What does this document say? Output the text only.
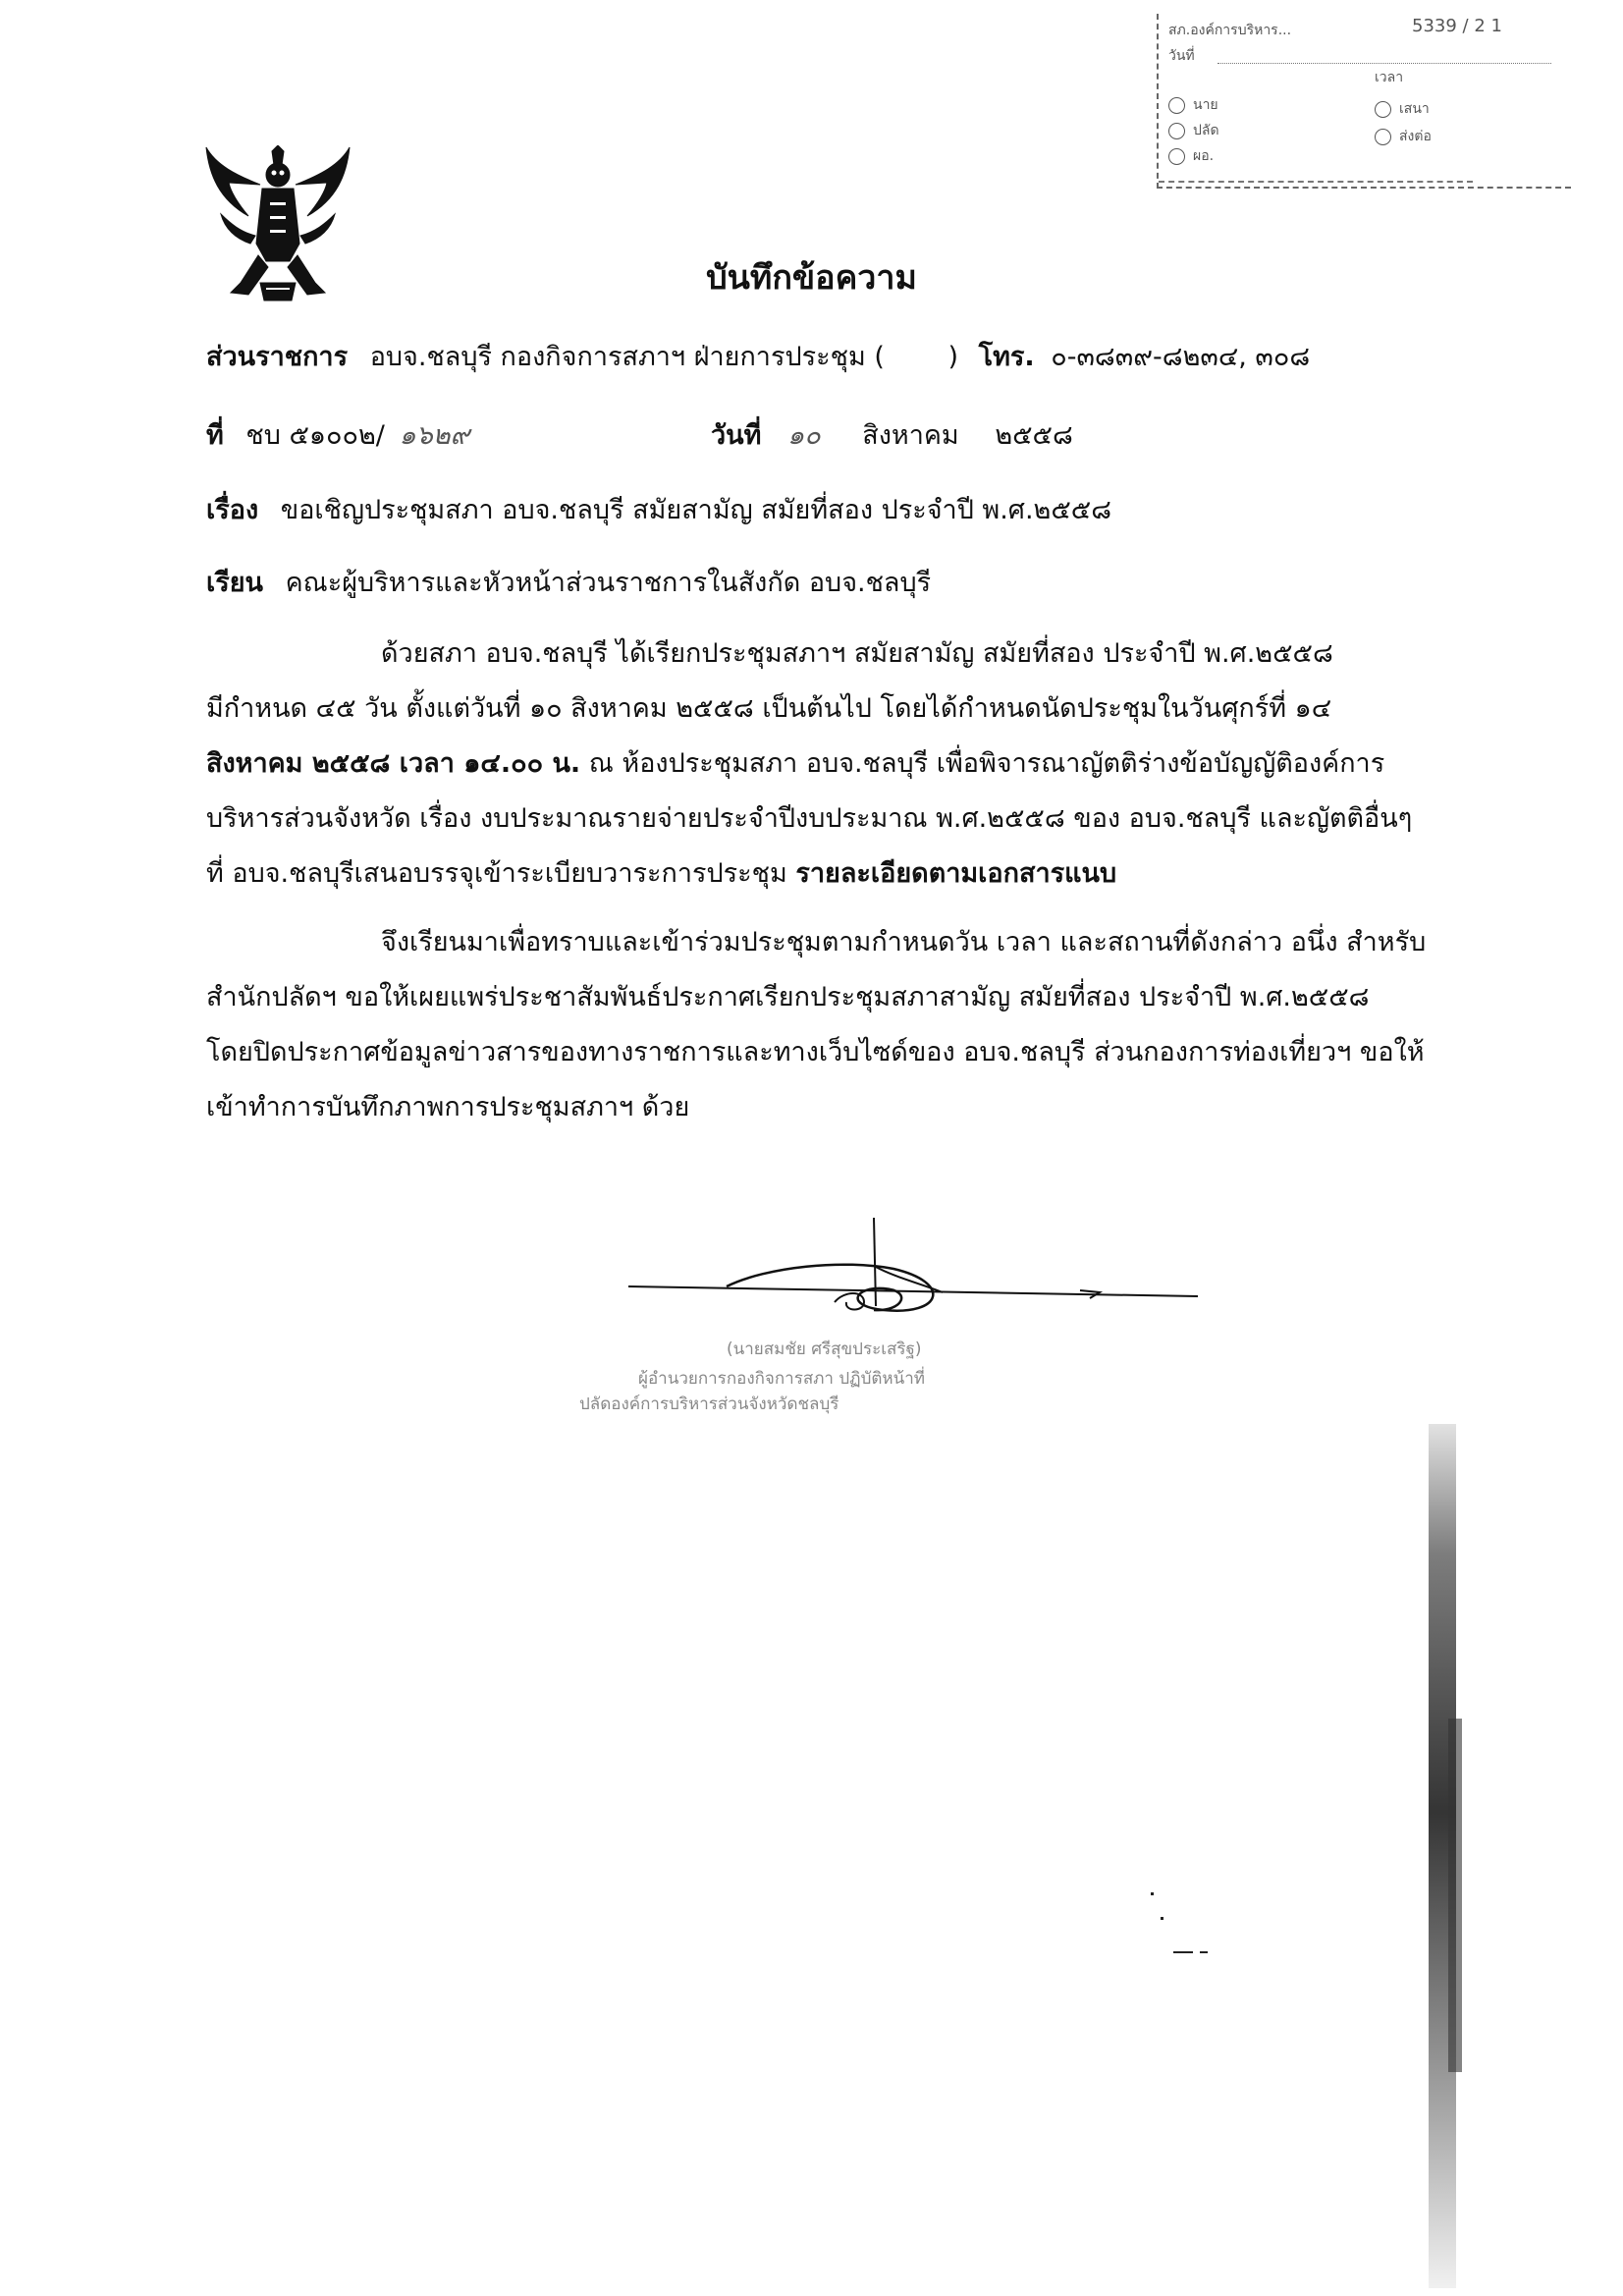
สภ.องค์การบริหาร...	5339 / 2 1
วันที่
เวลา
นาย
ปลัด
ผอ.
เสนา
ส่งต่อ
บันทึกข้อความ
ส่วนราชการ อบจ.ชลบุรี กองกิจการสภาฯ ฝ่ายการประชุม ( ) โทร. ๐-๓๘๓๙-๘๒๓๔, ๓๐๘
ที่ ชบ ๕๑๐๐๒/ ๑๖๒๙	วันที่ ๑๐ สิงหาคม ๒๕๕๘
เรื่อง ขอเชิญประชุมสภา อบจ.ชลบุรี สมัยสามัญ สมัยที่สอง ประจำปี พ.ศ.๒๕๕๘
เรียน คณะผู้บริหารและหัวหน้าส่วนราชการในสังกัด อบจ.ชลบุรี
ด้วยสภา อบจ.ชลบุรี ได้เรียกประชุมสภาฯ สมัยสามัญ สมัยที่สอง ประจำปี พ.ศ.๒๕๕๘
มีกำหนด ๔๕ วัน ตั้งแต่วันที่ ๑๐ สิงหาคม ๒๕๕๘ เป็นต้นไป โดยได้กำหนดนัดประชุมในวันศุกร์ที่ ๑๔
สิงหาคม ๒๕๕๘ เวลา ๑๔.๐๐ น. ณ ห้องประชุมสภา อบจ.ชลบุรี เพื่อพิจารณาญัตติร่างข้อบัญญัติองค์การ
บริหารส่วนจังหวัด เรื่อง งบประมาณรายจ่ายประจำปีงบประมาณ พ.ศ.๒๕๕๘ ของ อบจ.ชลบุรี และญัตติอื่นๆ
ที่ อบจ.ชลบุรีเสนอบรรจุเข้าระเบียบวาระการประชุม รายละเอียดตามเอกสารแนบ
จึงเรียนมาเพื่อทราบและเข้าร่วมประชุมตามกำหนดวัน เวลา และสถานที่ดังกล่าว อนึ่ง สำหรับ
สำนักปลัดฯ ขอให้เผยแพร่ประชาสัมพันธ์ประกาศเรียกประชุมสภาสามัญ สมัยที่สอง ประจำปี พ.ศ.๒๕๕๘
โดยปิดประกาศข้อมูลข่าวสารของทางราชการและทางเว็บไซด์ของ อบจ.ชลบุรี ส่วนกองการท่องเที่ยวฯ ขอให้
เข้าทำการบันทึกภาพการประชุมสภาฯ ด้วย
(นายสมชัย ศรีสุขประเสริฐ)
ผู้อำนวยการกองกิจการสภา ปฏิบัติหน้าที่
ปลัดองค์การบริหารส่วนจังหวัดชลบุรี
